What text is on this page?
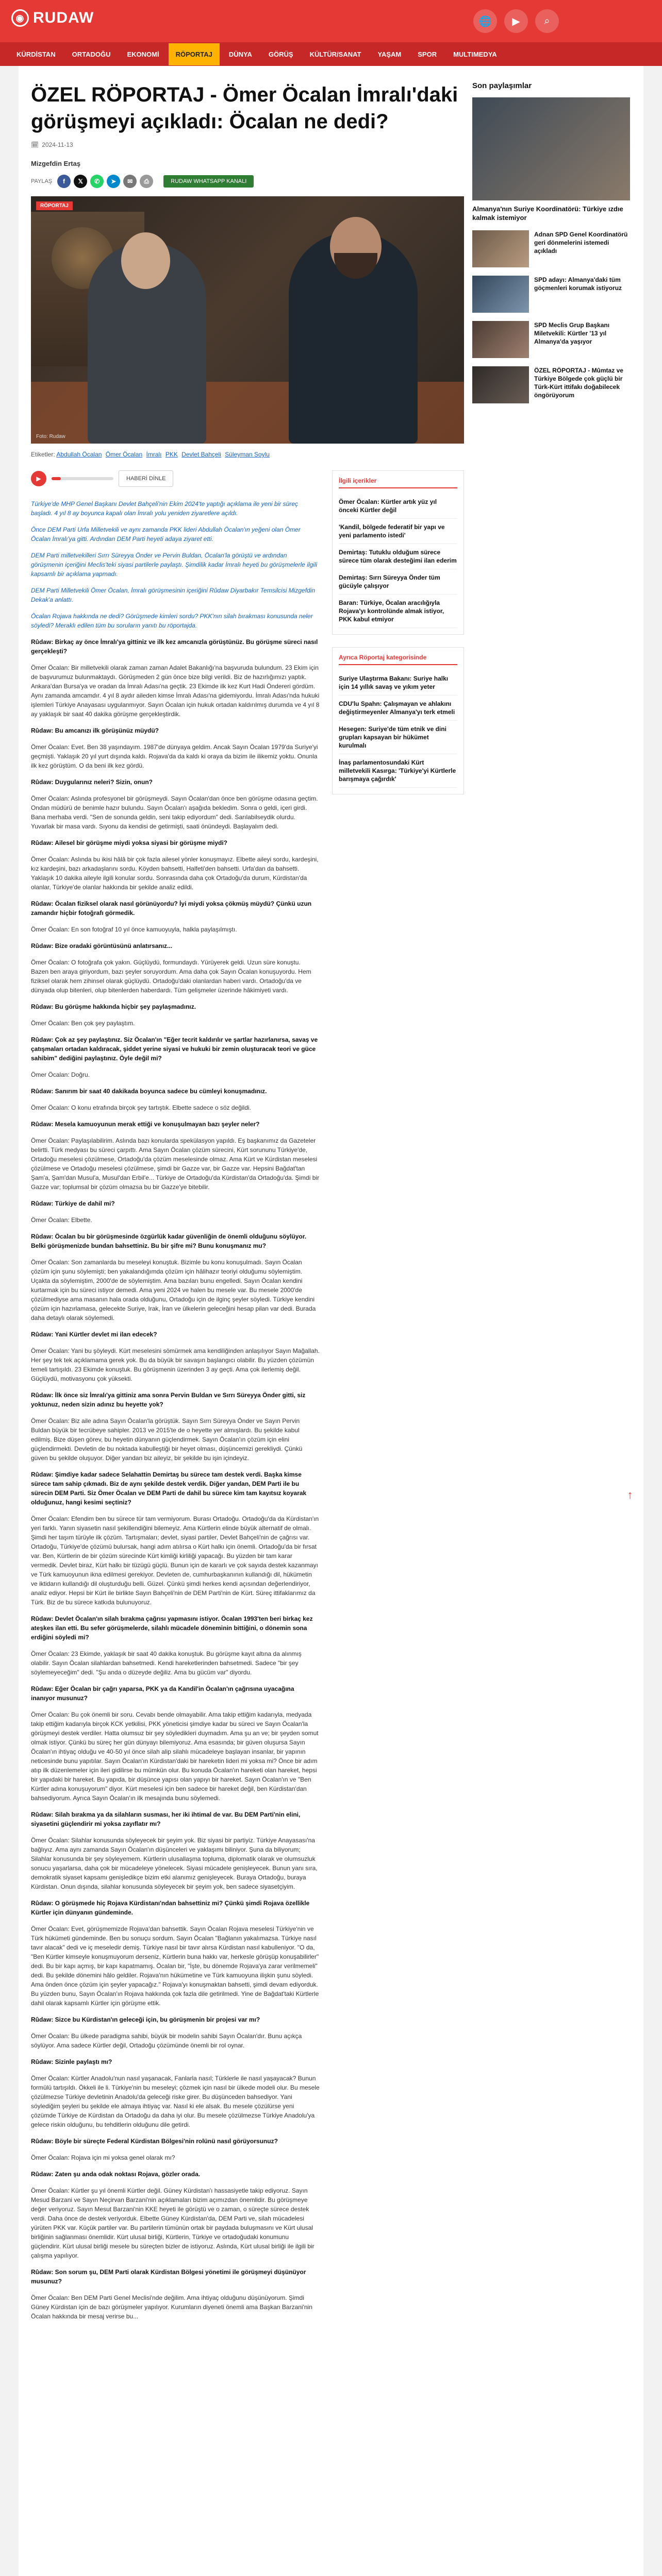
◉ RUDAW	🌐	▶	⌕
KÜRDİSTAN	ORTADOĞU	EKONOMİ	RÖPORTAJ	DÜNYA	GÖRÜŞ	KÜLTÜR/SANAT	YAŞAM	SPOR	MULTIMEDYA
ÖZEL RÖPORTAJ - Ömer Öcalan İmralı'daki görüşmeyi açıkladı: Öcalan ne dedi?
🗓 2024-11-13
Mizgefdin Ertaş
PAYLAŞ	f	𝕏	✆	➤	✉	⎙	RUDAW WHATSAPP KANALI
RÖPORTAJ
Foto: Rudaw
Etiketler: Abdullah Öcalan Ömer Öcalan İmralı PKK Devlet Bahçeli Süleyman Soylu
▶	HABERİ DİNLE

Türkiye'de MHP Genel Başkanı Devlet Bahçeli'nin Ekim 2024'te yaptığı açıklama ile yeni bir süreç başladı. 4 yıl 8 ay boyunca kapalı olan İmralı yolu yeniden ziyaretlere açıldı.

Önce DEM Parti Urfa Milletvekili ve aynı zamanda PKK lideri Abdullah Öcalan'ın yeğeni olan Ömer Öcalan İmralı'ya gitti. Ardından DEM Parti heyeti adaya ziyaret etti.

DEM Parti milletvekilleri Sırrı Süreyya Önder ve Pervin Buldan, Öcalan'la görüştü ve ardından görüşmenin içeriğini Meclis'teki siyasi partilerle paylaştı. Şimdilik kadar İmralı heyeti bu görüşmelerle ilgili kapsamlı bir açıklama yapmadı.

DEM Parti Milletvekili Ömer Öcalan, İmralı görüşmesinin içeriğini Rûdaw Diyarbakır Temsilcisi Mizgefdin Dekak'a anlattı.

Öcalan Rojava hakkında ne dedi? Görüşmede kimleri sordu? PKK'nın silah bırakması konusunda neler söyledi? Meraklı edilen tüm bu soruların yanıtı bu röportajda.

Rûdaw: Birkaç ay önce İmralı'ya gittiniz ve ilk kez amcanızla görüştünüz. Bu görüşme süreci nasıl gerçekleşti?

Ömer Öcalan: Bir milletvekili olarak zaman zaman Adalet Bakanlığı'na başvuruda bulundum. 23 Ekim için de başvurumuz bulunmaktaydı. Görüşmeden 2 gün önce bize bilgi verildi. Biz de hazırlığımızı yaptık. Ankara'dan Bursa'ya ve oradan da İmralı Adası'na geçtik. 23 Ekimde ilk kez Kurt Hadi Öndereri gördüm. Aynı zamanda amcamdır. 4 yıl 8 aydır aileden kimse İmralı Adası'na gidemiyordu. İmralı Adası'nda hukuki işlemleri Türkiye Anayasası uygulanmıyor. Sayın Öcalan için hukuk ortadan kaldırılmış durumda ve 4 yıl 8 ay yaklaşık bir saat 40 dakika görüşme gerçekleştirdik.

Rûdaw: Bu amcanızı ilk görüşünüz müydü?

Ömer Öcalan: Evet. Ben 38 yaşındayım. 1987'de dünyaya geldim. Ancak Sayın Öcalan 1979'da Suriye'yi geçmişti. Yaklaşık 20 yıl yurt dışında kaldı. Rojava'da da kaldı ki oraya da bizim ile ilikemiz yoktu. Onunla ilk kez görüştüm. O da beni ilk kez gördü.

Rûdaw: Duygularınız neleri? Sizin, onun?

Ömer Öcalan: Aslında profesyonel bir görüşmeydi. Sayın Öcalan'dan önce ben görüşme odasına geçtim. Ondan müdürü de benimle hazır bulundu. Sayın Öcalan'ı aşağıda bekledim. Sonra o geldi, içeri girdi. Bana merhaba verdi. "Sen de sonunda geldin, seni takip ediyordum" dedi. Sarılabilseydik olurdu. Yuvarlak bir masa vardı. Sıyonu da kendisi de getirmişti, saati önündeydi. Başlayalım dedi.

Rûdaw: Ailesel bir görüşme miydi yoksa siyasi bir görüşme miydi?

Ömer Öcalan: Aslında bu ikisi hâlâ bir çok fazla ailesel yönler konuşmayız. Elbette aileyi sordu, kardeşini, kız kardeşini, bazı arkadaşlarını sordu. Köyden bahsetti, Halfeti'den bahsetti. Urfa'dan da bahsetti. Yaklaşık 10 dakika aileyle ilgili konular sordu. Sonrasında daha çok Ortadoğu'da durum, Kürdistan'da olanlar, Türkiye'de olanlar hakkında bir şekilde analiz edildi.

Rûdaw: Öcalan fiziksel olarak nasıl görünüyordu? İyi miydi yoksa çökmüş müydü? Çünkü uzun zamandır hiçbir fotoğrafı görmedik.

Ömer Öcalan: En son fotoğraf 10 yıl önce kamuoyuyla, halkla paylaşılmıştı.

Rûdaw: Bize oradaki görüntüsünü anlatırsanız...

Ömer Öcalan: O fotoğrafa çok yakın. Güçlüydü, formundaydı. Yürüyerek geldi. Uzun süre konuştu. Bazen ben araya giriyordum, bazı şeyler soruyordum. Ama daha çok Sayın Öcalan konuşuyordu. Hem fiziksel olarak hem zihinsel olarak güçlüydü. Ortadoğu'daki olanlardan haberi vardı. Ortadoğu'da ve dünyada olup bitenleri, olup bitenlerden haberdardı. Tüm gelişmeler üzerinde hâkimiyeti vardı.

Rûdaw: Bu görüşme hakkında hiçbir şey paylaşmadınız.

Ömer Öcalan: Ben çok şey paylaştım.

Rûdaw: Çok az şey paylaştınız. Siz Öcalan'ın "Eğer tecrit kaldırılır ve şartlar hazırlanırsa, savaş ve çatışmaları ortadan kaldıracak, şiddet yerine siyasi ve hukuki bir zemin oluşturacak teori ve güce sahibim" dediğini paylaştınız. Öyle değil mi?

Ömer Öcalan: Doğru.

Rûdaw: Sanırım bir saat 40 dakikada boyunca sadece bu cümleyi konuşmadınız.

Ömer Öcalan: O konu etrafında birçok şey tartıştık. Elbette sadece o söz değildi.

Rûdaw: Mesela kamuoyunun merak ettiği ve konuşulmayan bazı şeyler neler?

Ömer Öcalan: Paylaşılabilirim. Aslında bazı konularda spekülasyon yapıldı. Eş başkanımız da Gazeteler belirtti. Türk medyası bu süreci çarpıttı. Ama Sayın Öcalan çözüm sürecini, Kürt sorununu Türkiye'de, Ortadoğu meselesi çözülmese, Ortadoğu'da çözüm meselesinde olmaz. Ama Kürt ve Kürdistan meselesi çözülmese ve Ortadoğu meselesi çözülmese, şimdi bir Gazze var, bir Gazze var. Hepsini Bağdat'tan Şam'a, Şam'dan Musul'a, Musul'dan Erbil'e... Türkiye de Ortadoğu'da Kürdistan'da Ortadoğu'da. Şimdi bir Gazze var; toplumsal bir çözüm olmazsa bu bir Gazze'ye bitebilir.

Rûdaw: Türkiye de dahil mi?

Ömer Öcalan: Elbette.

Rûdaw: Öcalan bu bir görüşmesinde özgürlük kadar güvenliğin de önemli olduğunu söylüyor. Belki görüşmenizde bundan bahsettiniz. Bu bir şifre mi? Bunu konuşmanız mu?

Ömer Öcalan: Son zamanlarda bu meseleyi konuştuk. Bizimle bu konu konuşulmadı. Sayın Öcalan çözüm için şunu söylemişti; ben yakalandığımda çözüm için hâlihazır teoriyi olduğumu söylemiştim. Uçakta da söylemiştim, 2000'de de söylemiştim. Ama bazıları bunu engelledi. Sayın Öcalan kendini kurtarmak için bu süreci istiyor demedi. Ama yeni 2024 ve halen bu mesele var. Bu mesele 2000'de çözülmediyse ama masanın hala orada olduğunu, Ortadoğu için de ilginç şeyler söyledi. Türkiye kendini çözüm için hazırlamasa, gelecekte Suriye, Irak, İran ve ülkelerin geleceğini hesap pilan var dedi. Burada daha detaylı olarak söylemedi.

Rûdaw: Yani Kürtler devlet mi ilan edecek?

Ömer Öcalan: Yani bu şöyleydi. Kürt meselesini sömürmek ama kendiliğinden anlaşılıyor Sayın Mağallah. Her şey tek tek açıklamama gerek yok. Bu da büyük bir savaşın başlangıcı olabilir. Bu yüzden çözümün temeli tartışıldı. 23 Ekimde konuştuk. Bu görüşmenin üzerinden 3 ay geçti. Ama çok ilerlemiş değil. Güçlüydü, motivasyonu çok yüksekti.

Rûdaw: İlk önce siz İmralı'ya gittiniz ama sonra Pervin Buldan ve Sırrı Süreyya Önder gitti, siz yoktunuz, neden sizin adınız bu heyette yok?

Ömer Öcalan: Biz aile adına Sayın Öcalan'la görüştük. Sayın Sırrı Süreyya Önder ve Sayın Pervin Buldan büyük bir tecrübeye sahipler. 2013 ve 2015'te de o heyette yer almışlardı. Bu şekilde kabul edilmiş. Bize düşen görev, bu heyetin dünyanın güçlendirmek. Sayın Öcalan'ın çözüm için elini güçlendirmekti. Devletin de bu noktada kabulleştiği bir heyet olması, düşüncemizi gerekliydi. Çünkü güven bu şekilde oluşuyor. Diğer yandan biz aileyiz, bir şekilde bu işin içindeyiz.

Rûdaw: Şimdiye kadar sadece Selahattin Demirtaş bu sürece tam destek verdi. Başka kimse sürece tam sahip çıkmadı. Biz de aynı şekilde destek verdik. Diğer yandan, DEM Parti ile bu sürecin DEM Parti. Siz Ömer Öcalan ve DEM Parti de dahil bu sürece kim tam kayıtsız koyarak olduğunuz, hangi kesimi seçtiniz?

Ömer Öcalan: Efendim ben bu sürece tür tam vermiyorum. Burası Ortadoğu. Ortadoğu'da da Kürdistan'ın yeri farklı. Yanın siyasetin nasıl şekillendiğini bilemeyiz. Ama Kürtlerin elinde büyük alternatif de olmalı. Şimdi her taşım türüyle ilk çözüm. Tartışmaları; devlet, siyasi partiler, Devlet Bahçeli'nin de çağrısı var. Ortadoğu, Türkiye'de çözümü bulursak, hangi adım atılırsa o Kürt halkı için önemli. Ortadoğu'da bir fırsat var. Ben, Kürtlerin de bir çözüm sürecinde Kürt kimliği kirliliği yapacağı. Bu yüzden bir tam karar vermedik. Devlet biraz, Kürt halkı bir tüzügü güçlü. Bunun için de kararlı ve çok sayıda destek kazanmayı ve Türk kamuoyunun ikna edilmesi gerekiyor. Devleten de, cumhurbaşkanının kullandığı dil, hükümetin ve iktidarın kullandığı dil oluşturduğu belli. Güzel. Çünkü şimdi herkes kendi açısından değerlendiriyor, analiz ediyor. Hepsi bir Kürt ile birlikte Sayın Bahçeli'nin de DEM Parti'nin de Kürt. Süreç ittifaklarımız da Türk. Biz de bu sürece katkıda bulunuyoruz.

Rûdaw: Devlet Öcalan'ın silah bırakma çağrısı yapmasını istiyor. Öcalan 1993'ten beri birkaç kez ateşkes ilan etti. Bu sefer görüşmelerde, silahlı mücadele döneminin bittiğini, o dönemin sona erdiğini söyledi mi?

Ömer Öcalan: 23 Ekimde, yaklaşık bir saat 40 dakika konuştuk. Bu görüşme kayıt altına da alınmış olabilir. Sayın Öcalan silahlardan bahsetmedi. Kendi hareketlerinden bahsetmedi. Sadece "bir şey söylemeyeceğim" dedi. "Şu anda o düzeyde değiliz. Ama bu gücüm var" diyordu.

Rûdaw: Eğer Öcalan bir çağrı yaparsa, PKK ya da Kandil'in Öcalan'ın çağrısına uyacağına inanıyor musunuz?

Ömer Öcalan: Bu çok önemli bir soru. Cevabı bende olmayabilir. Ama takip ettiğim kadarıyla, medyada takip ettiğim kadarıyla birçok KCK yetkilisi, PKK yöneticisi şimdiye kadar bu süreci ve Sayın Öcalan'la görüşmeyi destek verdiler. Hatta olumsuz bir şey söyledikleri duymadım. Ama şu an ve; bir şeyden somut olmak istiyor. Çünkü bu süreç her gün dünyayı bilemiyoruz. Ama esasında; bir güven oluşursa Sayın Öcalan'ın ihtiyaç olduğu ve 40-50 yıl önce silah alip silahlı mücadeleye başlayan insanlar, bir yapının neticesinde bunu yapıtılar. Sayın Öcalan'ın Kürdistan'daki bir hareketin lideri mi yoksa mi? Önce bir adım atıp ilk düzenlemeler için ileri gidilirse bu mümkün olur. Bu konuda Öcalan'ın hareketi olan hareket, hepsi bir yapıdaki bir hareket. Bu yapıda, bir düşünce yapısı olan yapıyı bir hareket. Sayın Öcalan'ın ve "Ben Kürtler adına konuşuyorum" diyor. Kürt meselesi için ben sadece bir hareket değil, ben Kürdistan'dan bahsediyorum. Ayrıca Sayın Öcalan'ın ilk mesajında bunu söylemedi.

Rûdaw: Silah bırakma ya da silahların susması, her iki ihtimal de var. Bu DEM Parti'nin elini, siyasetini güçlendirir mi yoksa zayıflatır mı?

Ömer Öcalan: Silahlar konusunda söyleyecek bir şeyim yok. Biz siyasi bir partiyiz. Türkiye Anayasası'na bağlıyız. Ama aynı zamanda Sayın Öcalan'ın düşünceleri ve yaklaşımı biliniyor. Şuna da biliyorum; Silahlar konusunda bir şey söyleyemem. Kürtlerin ulusallaşma topluma, diplomatik olarak ve olumsuzluk sonucu yaşarlarsa, daha çok bir mücadeleye yönelecek. Siyasi mücadele genişleyecek. Bunun yanı sıra, demokratik siyaset kapsamı genişledikçe bizim etki alanımız genişleyecek. Buraya Ortadoğu, buraya Kürdistan. Onun dışında, silahlar konusunda söyleyecek bir şeyim yok, ben sadece siyasetçiyim.

Rûdaw: O görüşmede hiç Rojava Kürdistanı'ndan bahsettiniz mi? Çünkü şimdi Rojava özellikle Kürtler için dünyanın gündeminde.

Ömer Öcalan: Evet, görüşmemizde Rojava'dan bahsettik. Sayın Öcalan Rojava meselesi Türkiye'nin ve Türk hükümeti gündeminde. Ben bu sonuçu sordum. Sayın Öcalan "Bağlanın yakalımazsa. Türkiye nasıl tavır alacak" dedi ve iç meseledir demiş. Türkiye nasıl bir tavır alırsa Kürdistan nasıl kabulleniyor. "O da, "Ben Kürtler kimseyle konuşmuyorum derseniz, Kürtlerin buna hakkı var, herkesle görüşüp konuşabilirler" dedi. Bu bir kapı açmış, bir kapı kapatmamış. Öcalan bir, "İşte, bu dönemde Rojava'ya zarar verilmemeli" dedi. Bu şekilde dönemini hâlo geldiler. Rojava'nın hükümetine ve Türk kamuoyuna ilişkin şunu söyledi. Ama önden önce çözüm için şeyler yapacağız." Rojava'yı konuşmaktan bahsetti, şimdi devam ediyorduk. Bu yüzden bunu, Sayın Öcalan'ın Rojava hakkında çok fazla dile getirilmedi. Yine de Bağdat'taki Kürtlerle dahil olarak kapsamlı Kürtler için görüşme ettik.

Rûdaw: Sizce bu Kürdistan'ın geleceği için, bu görüşmenin bir projesi var mı?

Ömer Öcalan: Bu ülkede paradigma sahibi, büyük bir modelin sahibi Sayın Öcalan'dır. Bunu açıkça söylüyor. Ama sadece Kürtler değil, Ortadoğu çözümünde önemli bir rol oynar.

Rûdaw: Sizinle paylaştı mı?

Ömer Öcalan: Kürtler Anadolu'nun nasıl yaşanacak, Fanlarla nasıl; Türklerle ile nasıl yaşayacak? Bunun formülü tartışıldı. Ökkeli ile li. Türkiye'nin bu meseleyi; çözmek için nasıl bir ülkede modeli olur. Bu mesele çözülmezse Türkiye devletinin Anadolu'da geleceği riske girer. Bu düşünceden bahsediyor. Yani söylediğim şeyleri bu şekilde ele almaya ihtiyaç var. Nasıl ki ele alsak. Bu mesele çözülürse yeni çözümde Türkiye de Kürdistan da Ortadoğu da daha iyi olur. Bu mesele çözülmezse Türkiye Anadolu'ya gelece riskin olduğunu, bu tehditlerin olduğunu dile getirdi.

Rûdaw: Böyle bir süreçte Federal Kürdistan Bölgesi'nin rolünü nasıl görüyorsunuz?

Ömer Öcalan: Rojava için mi yoksa genel olarak mı?

Rûdaw: Zaten şu anda odak noktası Rojava, gözler orada.

Ömer Öcalan: Kürtler şu yıl önemli Kürtler değil. Güney Kürdistan'ı hassasiyetle takip ediyoruz. Sayın Mesud Barzani ve Sayın Neçirvan Barzani'nin açıklamaları bizim açımızdan önemlidir. Bu görüşmeye değer veriyoruz. Sayın Mesut Barzani'nin KKE heyeti ile görüştü ve o zaman, o süreçte sürece destek verdi. Daha önce de destek veriyorduk. Elbette Güney Kürdistan'da, DEM Parti ve, silah mücadelesi yürüten PKK var. Küçük partiler var. Bu partilerin tümünün ortak bir paydada buluşmasını ve Kürt ulusal birliğinin sağlanması önemlidir. Kürt ulusal birliği, Kürtlerin, Türkiye ve ortadoğudaki konumunu güçlendirir. Kürt ulusal birliği mesele bu süreçten bizler de istiyoruz. Aslında, Kürt ulusal birliği ile ilgili bir çalışma yapılıyor.

Rûdaw: Son sorum şu, DEM Parti olarak Kürdistan Bölgesi yönetimi ile görüşmeyi düşünüyor musunuz?

Ömer Öcalan: Ben DEM Parti Genel Meclisi'nde değilim. Ama ihtiyaç olduğunu düşünüyorum. Şimdi Güney Kürdistan için de bazı görüşmeler yapılıyor. Kurumların diyeneti önemli ama Başkan Barzani'nin Öcalan hakkında bir mesaj verirse bu...

İlgili içerikler
Ömer Öcalan: Kürtler artık yüz yıl önceki Kürtler değil
'Kandil, bölgede federatif bir yapı ve yeni parlamento istedi'
Demirtaş: Tutuklu olduğum sürece sürece tüm olarak desteğimi ilan ederim
Demirtaş: Sırrı Süreyya Önder tüm gücüyle çalışıyor
Baran: Türkiye, Öcalan aracılığıyla Rojava'yı kontrolünde almak istiyor, PKK kabul etmiyor
Ayrıca Röportaj kategorisinde
Suriye Ulaştırma Bakanı: Suriye halkı için 14 yıllık savaş ve yıkım yeter
CDU'lu Spahn: Çalışmayan ve ahlakını değiştirmeyenler Almanya'yı terk etmeli
Hesegen: Suriye'de tüm etnik ve dini grupları kapsayan bir hükümet kurulmalı
İnaş parlamentosundaki Kürt milletvekili Kasırga: 'Türkiye'yi Kürtlerle barışmaya çağırdık'
Son paylaşımlar
Almanya'nın Suriye Koordinatörü: Türkiye ızdıe kalmak istemiyor
Adnan SPD Genel Koordinatörü geri dönmelerini istemedi açıkladı
SPD adayı: Almanya'daki tüm göçmenleri korumak istiyoruz
SPD Meclis Grup Başkanı Miletvekili: Kürtler '13 yıl Almanya'da yaşıyor
ÖZEL RÖPORTAJ - Mûmtaz ve Türkiye Bölgede çok güçlü bir Türk-Kürt ittifakı doğabilecek öngörüyorum
↑
